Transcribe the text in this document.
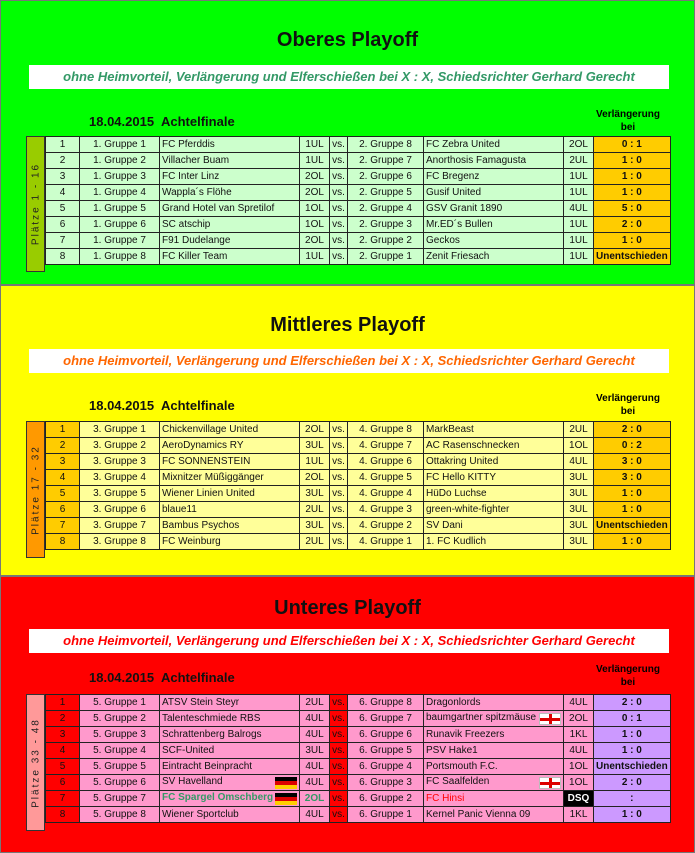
Oberes Playoff
ohne Heimvorteil, Verlängerung und Elferschießen bei X : X, Schiedsrichter Gerhard Gerecht
18.04.2015 Achtelfinale	Verlängerung bei
Plätze 1 - 16
1	1. Gruppe 1	FC Pferddis	1UL	vs.	2. Gruppe 8	FC Zebra United	2OL	0 : 1
2	1. Gruppe 2	Villacher Buam	1UL	vs.	2. Gruppe 7	Anorthosis Famagusta	2UL	1 : 0
3	1. Gruppe 3	FC Inter Linz	2OL	vs.	2. Gruppe 6	FC Bregenz	1UL	1 : 0
4	1. Gruppe 4	Wappla´s Flöhe	2OL	vs.	2. Gruppe 5	Gusif United	1UL	1 : 0
5	1. Gruppe 5	Grand Hotel van Spretilof	1OL	vs.	2. Gruppe 4	GSV Granit 1890	4UL	5 : 0
6	1. Gruppe 6	SC atschip	1OL	vs.	2. Gruppe 3	Mr.ED´s Bullen	1UL	2 : 0
7	1. Gruppe 7	F91 Dudelange	2OL	vs.	2. Gruppe 2	Geckos	1UL	1 : 0
8	1. Gruppe 8	FC Killer Team	1UL	vs.	2. Gruppe 1	Zenit Friesach	1UL	Unentschieden
Mittleres Playoff
ohne Heimvorteil, Verlängerung und Elferschießen bei X : X, Schiedsrichter Gerhard Gerecht
18.04.2015 Achtelfinale	Verlängerung bei
Plätze 17 - 32
1	3. Gruppe 1	Chickenvillage United	2OL	vs.	4. Gruppe 8	MarkBeast	2UL	2 : 0
2	3. Gruppe 2	AeroDynamics RY	3UL	vs.	4. Gruppe 7	AC Rasenschnecken	1OL	0 : 2
3	3. Gruppe 3	FC SONNENSTEIN	1UL	vs.	4. Gruppe 6	Ottakring United	4UL	3 : 0
4	3. Gruppe 4	Mixnitzer Müßiggänger	2OL	vs.	4. Gruppe 5	FC Hello KITTY	3UL	3 : 0
5	3. Gruppe 5	Wiener Linien United	3UL	vs.	4. Gruppe 4	HüDo Luchse	3UL	1 : 0
6	3. Gruppe 6	blaue11	2UL	vs.	4. Gruppe 3	green-white-fighter	3UL	1 : 0
7	3. Gruppe 7	Bambus Psychos	3UL	vs.	4. Gruppe 2	SV Dani	3UL	Unentschieden
8	3. Gruppe 8	FC Weinburg	2UL	vs.	4. Gruppe 1	1. FC Kudlich	3UL	1 : 0
Unteres Playoff
ohne Heimvorteil, Verlängerung und Elferschießen bei X : X, Schiedsrichter Gerhard Gerecht
18.04.2015 Achtelfinale
Verlängerung bei
Plätze 33 - 48
1	5. Gruppe 1	ATSV Stein Steyr	2UL	vs.	6. Gruppe 8	Dragonlords	4UL	2 : 0
2	5. Gruppe 2	Talenteschmiede RBS	4UL	vs.	6. Gruppe 7	baumgartner spitzmäuse	2OL	0 : 1
3	5. Gruppe 3	Schrattenberg Balrogs	4UL	vs.	6. Gruppe 6	Runavik Freezers	1KL	1 : 0
4	5. Gruppe 4	SCF-United	3UL	vs.	6. Gruppe 5	PSV Hake1	4UL	1 : 0
5	5. Gruppe 5	Eintracht Beinpracht	4UL	vs.	6. Gruppe 4	Portsmouth F.C.	1OL	Unentschieden
6	5. Gruppe 6	SV Havelland	4UL	vs.	6. Gruppe 3	FC Saalfelden	1OL	2 : 0
7	5. Gruppe 7	FC Spargel Omschberg	2OL	vs.	6. Gruppe 2	FC Hinsi	DSQ	:
8	5. Gruppe 8	Wiener Sportclub	4UL	vs.	6. Gruppe 1	Kernel Panic Vienna 09	1KL	1 : 0
